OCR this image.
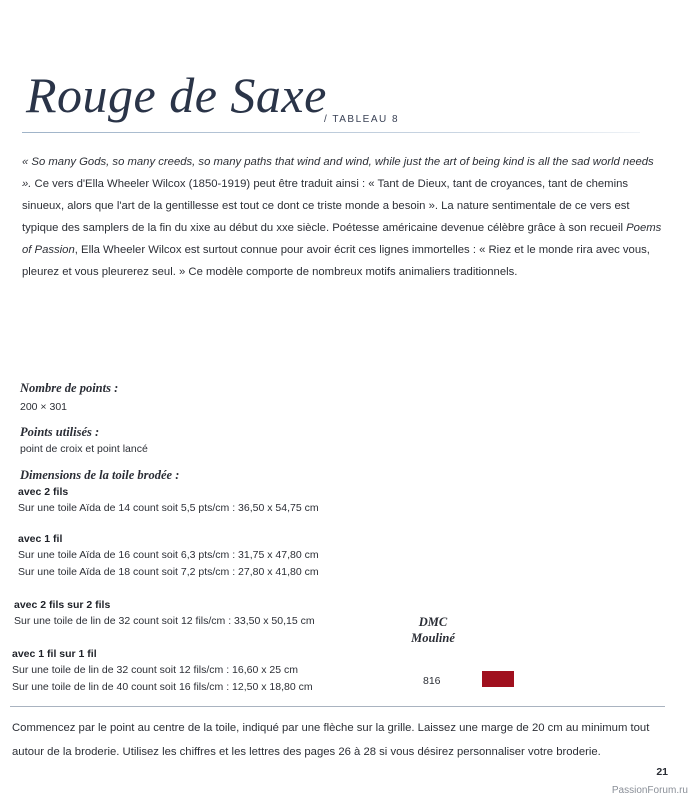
Rouge de Saxe
/ TABLEAU 8
« So many Gods, so many creeds, so many paths that wind and wind, while just the art of being kind is all the sad world needs ». Ce vers d'Ella Wheeler Wilcox (1850-1919) peut être traduit ainsi : « Tant de Dieux, tant de croyances, tant de chemins sinueux, alors que l'art de la gentillesse est tout ce dont ce triste monde a besoin ». La nature sentimentale de ce vers est typique des samplers de la fin du xixe au début du xxe siècle. Poétesse américaine devenue célèbre grâce à son recueil Poems of Passion, Ella Wheeler Wilcox est surtout connue pour avoir écrit ces lignes immortelles : « Riez et le monde rira avec vous, pleurez et vous pleurerez seul. » Ce modèle comporte de nombreux motifs animaliers traditionnels.
Nombre de points :
200 × 301
Points utilisés :
point de croix et point lancé
Dimensions de la toile brodée :
avec 2 fils
Sur une toile Aïda de 14 count soit 5,5 pts/cm : 36,50 x 54,75 cm
avec 1 fil
Sur une toile Aïda de 16 count soit 6,3 pts/cm : 31,75 x 47,80 cm
Sur une toile Aïda de 18 count soit 7,2 pts/cm : 27,80 x 41,80 cm
avec 2 fils sur 2 fils
Sur une toile de lin de 32 count soit 12 fils/cm : 33,50 x 50,15 cm
avec 1 fil sur 1 fil
Sur une toile de lin de 32 count soit 12 fils/cm : 16,60 x 25 cm
Sur une toile de lin de 40 count soit 16 fils/cm : 12,50 x 18,80 cm
DMC
Mouliné
816
Commencez par le point au centre de la toile, indiqué par une flèche sur la grille. Laissez une marge de 20 cm au minimum tout autour de la broderie. Utilisez les chiffres et les lettres des pages 26 à 28 si vous désirez personnaliser votre broderie.
21
PassionForum.ru
